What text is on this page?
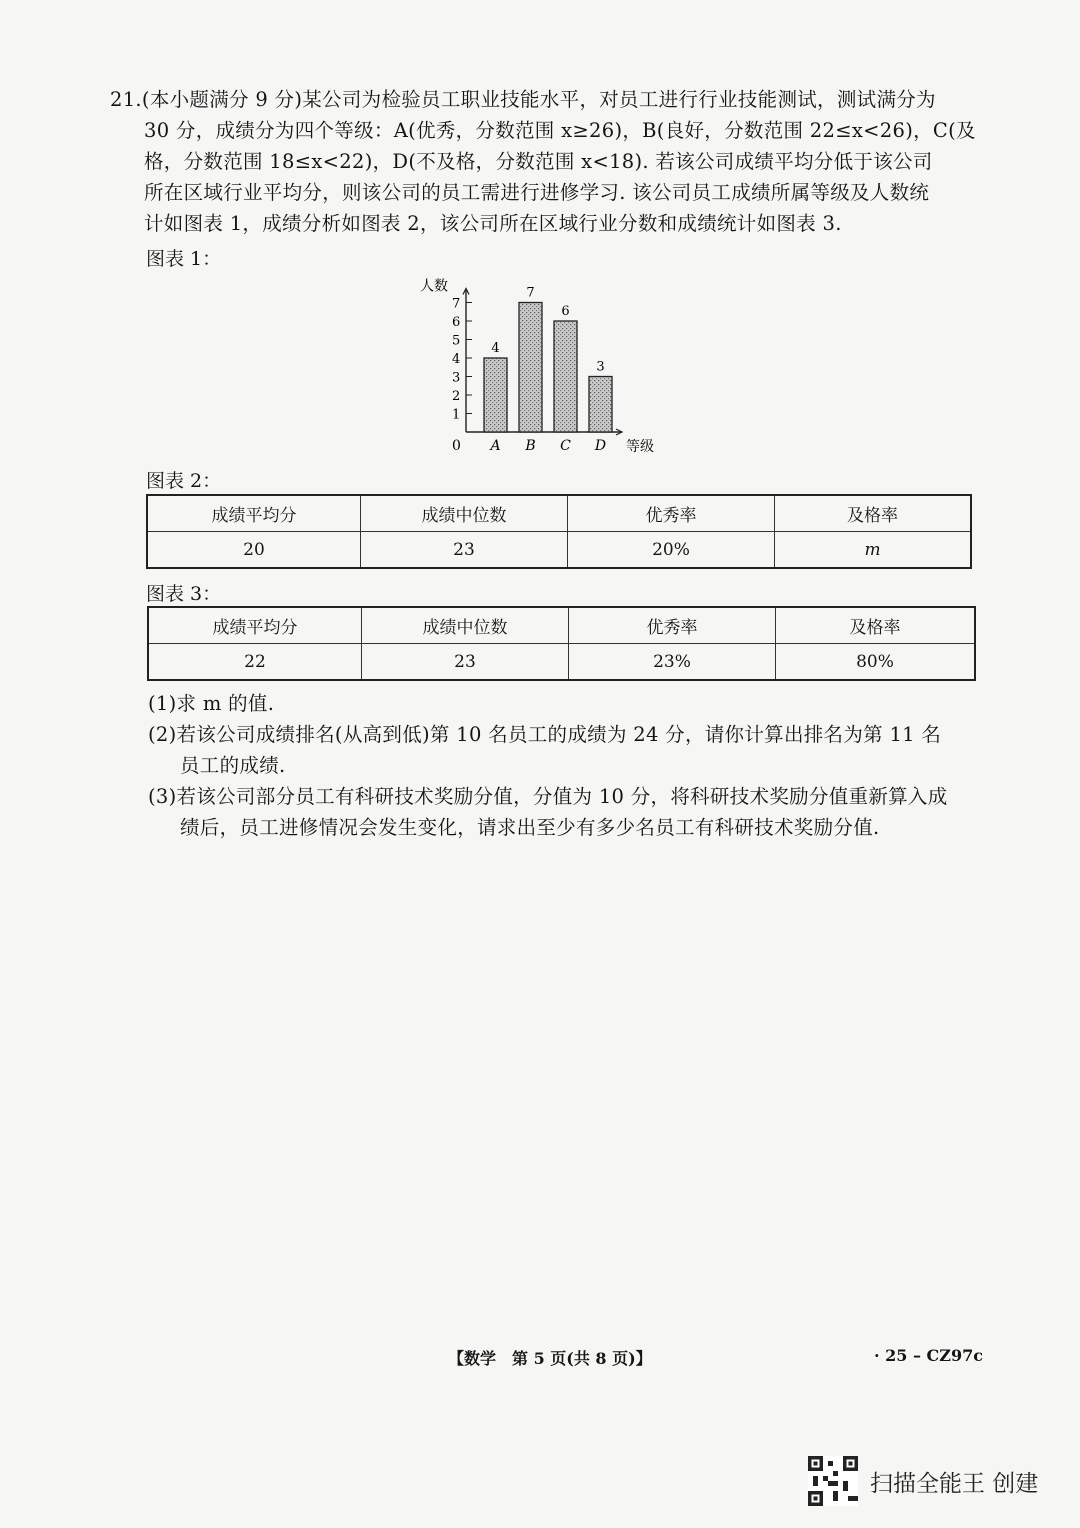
21.(本小题满分 9 分)某公司为检验员工职业技能水平，对员工进行行业技能测试，测试满分为
30 分，成绩分为四个等级：A(优秀，分数范围 x≥26)，B(良好，分数范围 22≤x<26)，C(及
格，分数范围 18≤x<22)，D(不及格，分数范围 x<18). 若该公司成绩平均分低于该公司
所在区域行业平均分，则该公司的员工需进行进修学习. 该公司员工成绩所属等级及人数统
计如图表 1，成绩分析如图表 2，该公司所在区域行业分数和成绩统计如图表 3.
图表 1：
人数
等级
0
1
2
3
4
5
6
7
4
A
7
B
6
C
3
D
图表 2：
成绩平均分	成绩中位数	优秀率	及格率
20	23	20%	m
图表 3：
成绩平均分	成绩中位数	优秀率	及格率
22	23	23%	80%
(1)求 m 的值.
(2)若该公司成绩排名(从高到低)第 10 名员工的成绩为 24 分，请你计算出排名为第 11 名
员工的成绩.
(3)若该公司部分员工有科研技术奖励分值，分值为 10 分，将科研技术奖励分值重新算入成
绩后，员工进修情况会发生变化，请求出至少有多少名员工有科研技术奖励分值.
【数学　第 5 页(共 8 页)】	· 25 – CZ97c
扫描全能王 创建
